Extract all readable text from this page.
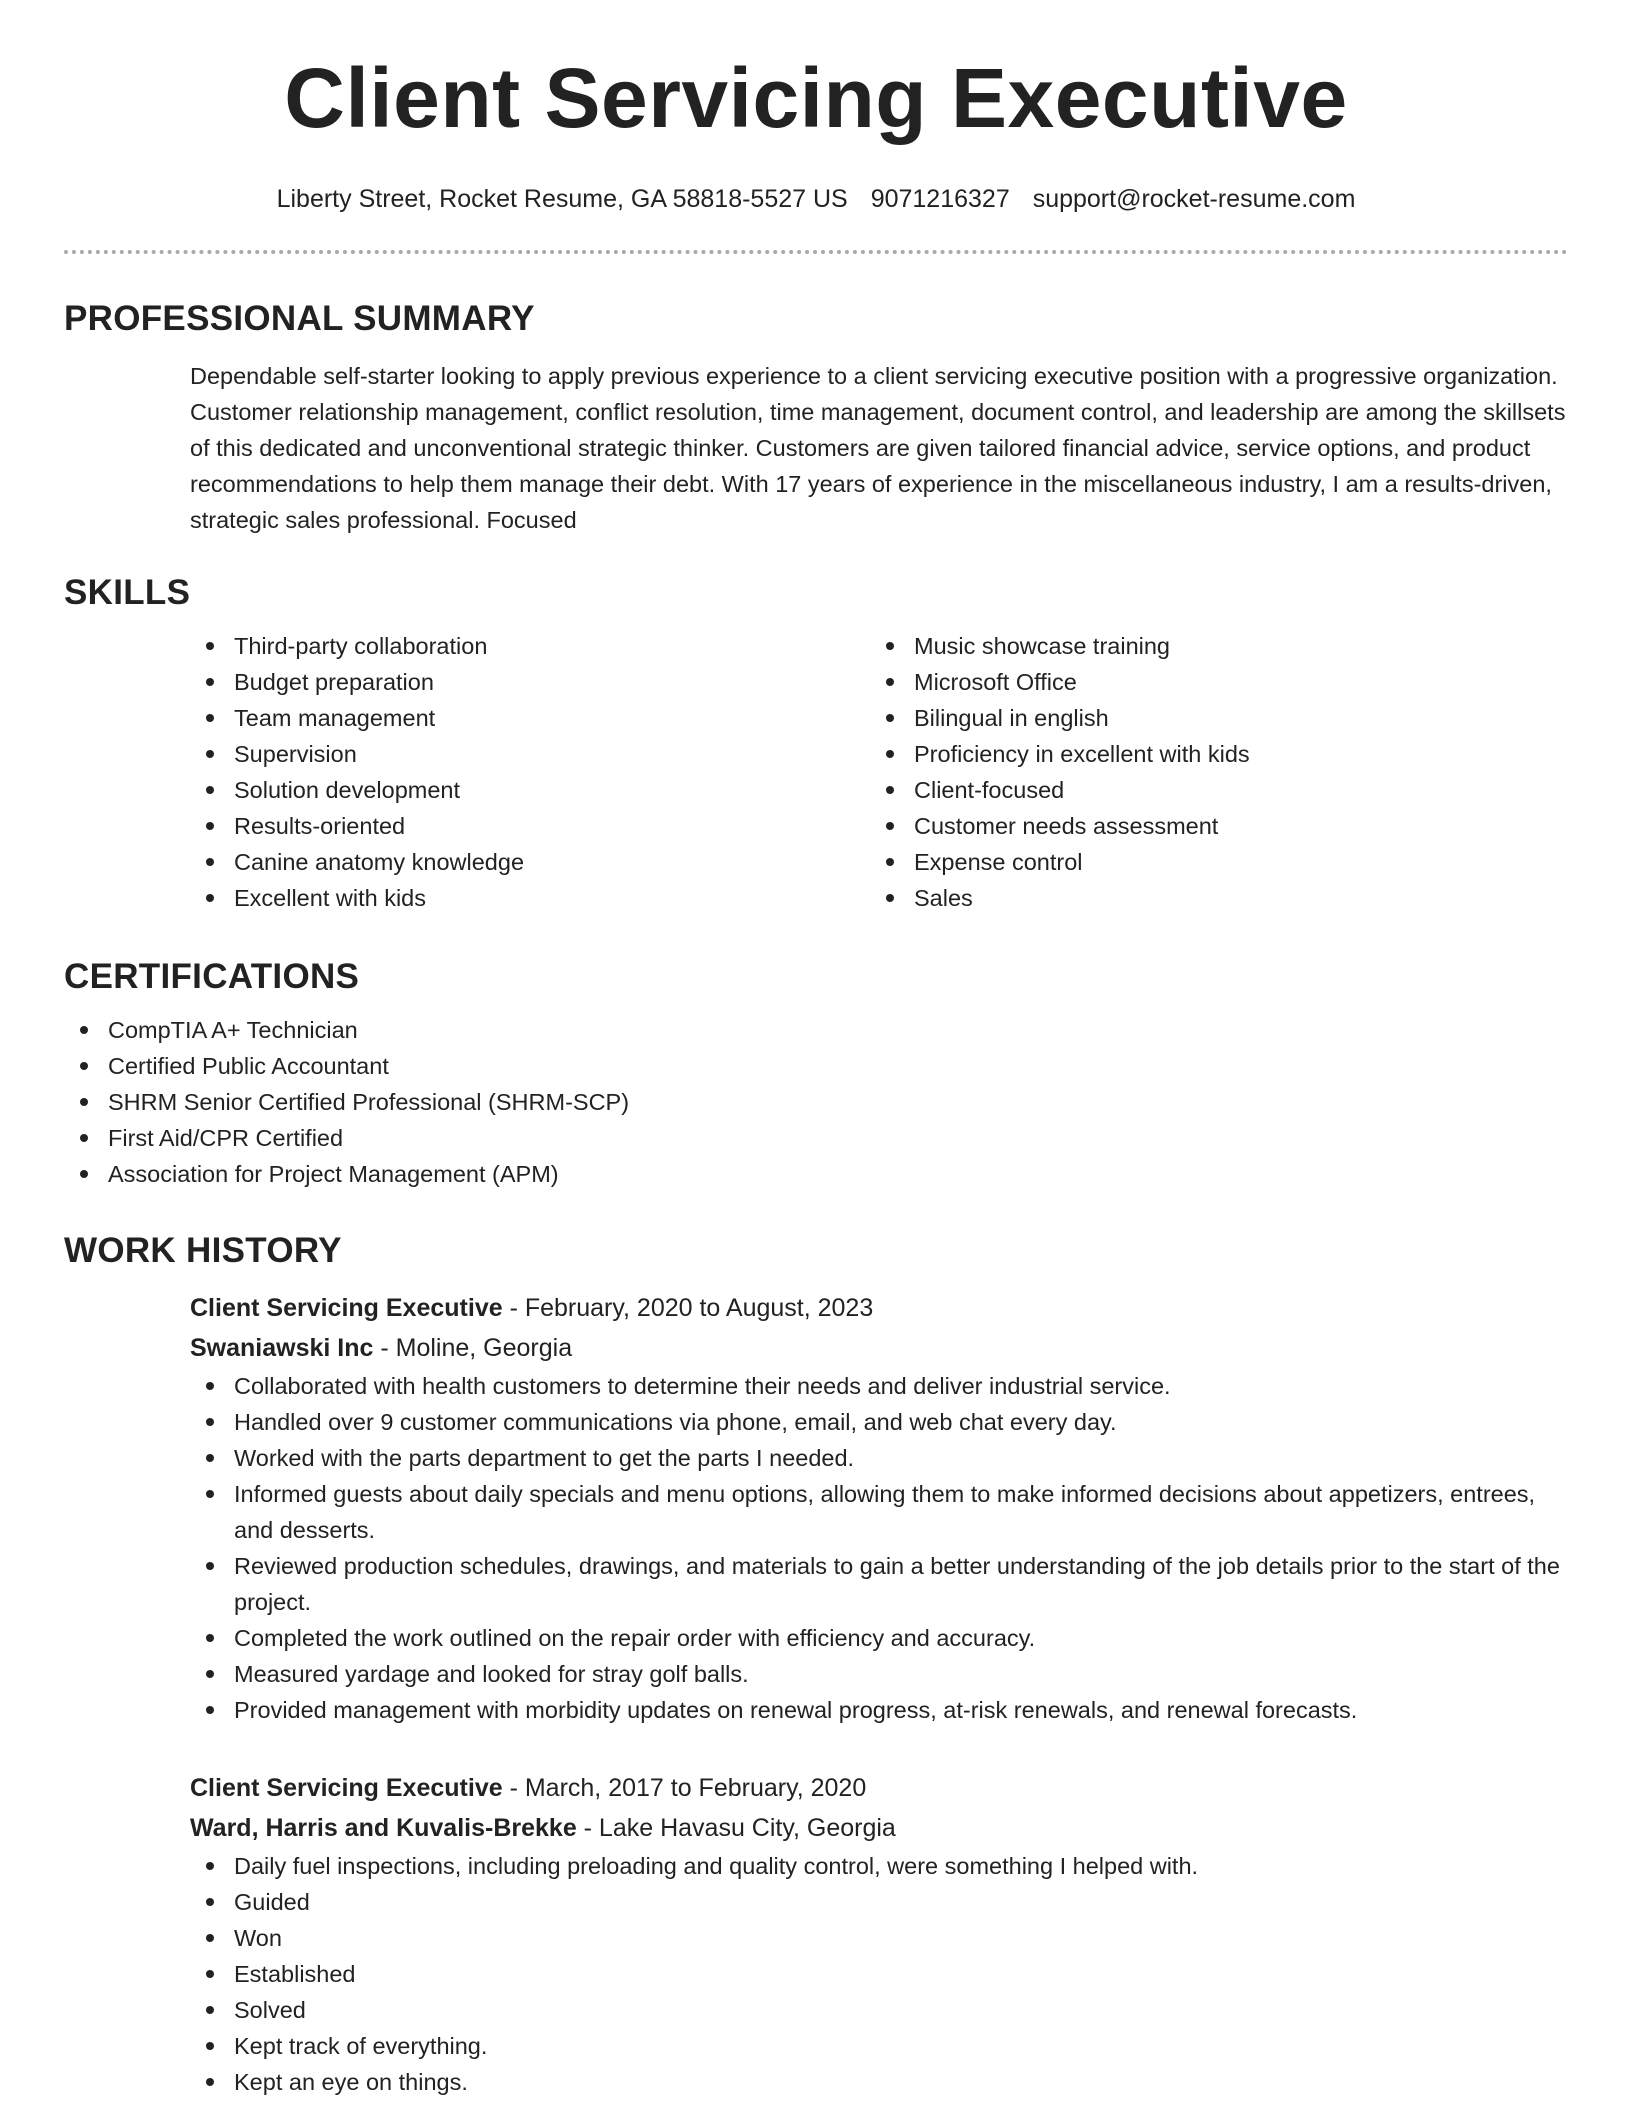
Client Servicing Executive
Liberty Street, Rocket Resume, GA 58818-5527 US 9071216327 support@rocket-resume.com
PROFESSIONAL SUMMARY

Dependable self-starter looking to apply previous experience to a client servicing executive position with a progressive organization. Customer relationship management, conflict resolution, time management, document control, and leadership are among the skillsets of this dedicated and unconventional strategic thinker. Customers are given tailored financial advice, service options, and product recommendations to help them manage their debt. With 17 years of experience in the miscellaneous industry, I am a results-driven, strategic sales professional. Focused

SKILLS
Third-party collaboration
Budget preparation
Team management
Supervision
Solution development
Results-oriented
Canine anatomy knowledge
Excellent with kids
Music showcase training
Microsoft Office
Bilingual in english
Proficiency in excellent with kids
Client-focused
Customer needs assessment
Expense control
Sales
CERTIFICATIONS
CompTIA A+ Technician
Certified Public Accountant
SHRM Senior Certified Professional (SHRM-SCP)
First Aid/CPR Certified
Association for Project Management (APM)
WORK HISTORY
Client Servicing Executive - February, 2020 to August, 2023
Swaniawski Inc - Moline, Georgia
Collaborated with health customers to determine their needs and deliver industrial service.
Handled over 9 customer communications via phone, email, and web chat every day.
Worked with the parts department to get the parts I needed.
Informed guests about daily specials and menu options, allowing them to make informed decisions about appetizers, entrees, and desserts.
Reviewed production schedules, drawings, and materials to gain a better understanding of the job details prior to the start of the project.
Completed the work outlined on the repair order with efficiency and accuracy.
Measured yardage and looked for stray golf balls.
Provided management with morbidity updates on renewal progress, at-risk renewals, and renewal forecasts.
Client Servicing Executive - March, 2017 to February, 2020
Ward, Harris and Kuvalis-Brekke - Lake Havasu City, Georgia
Daily fuel inspections, including preloading and quality control, were something I helped with.
Guided
Won
Established
Solved
Kept track of everything.
Kept an eye on things.
